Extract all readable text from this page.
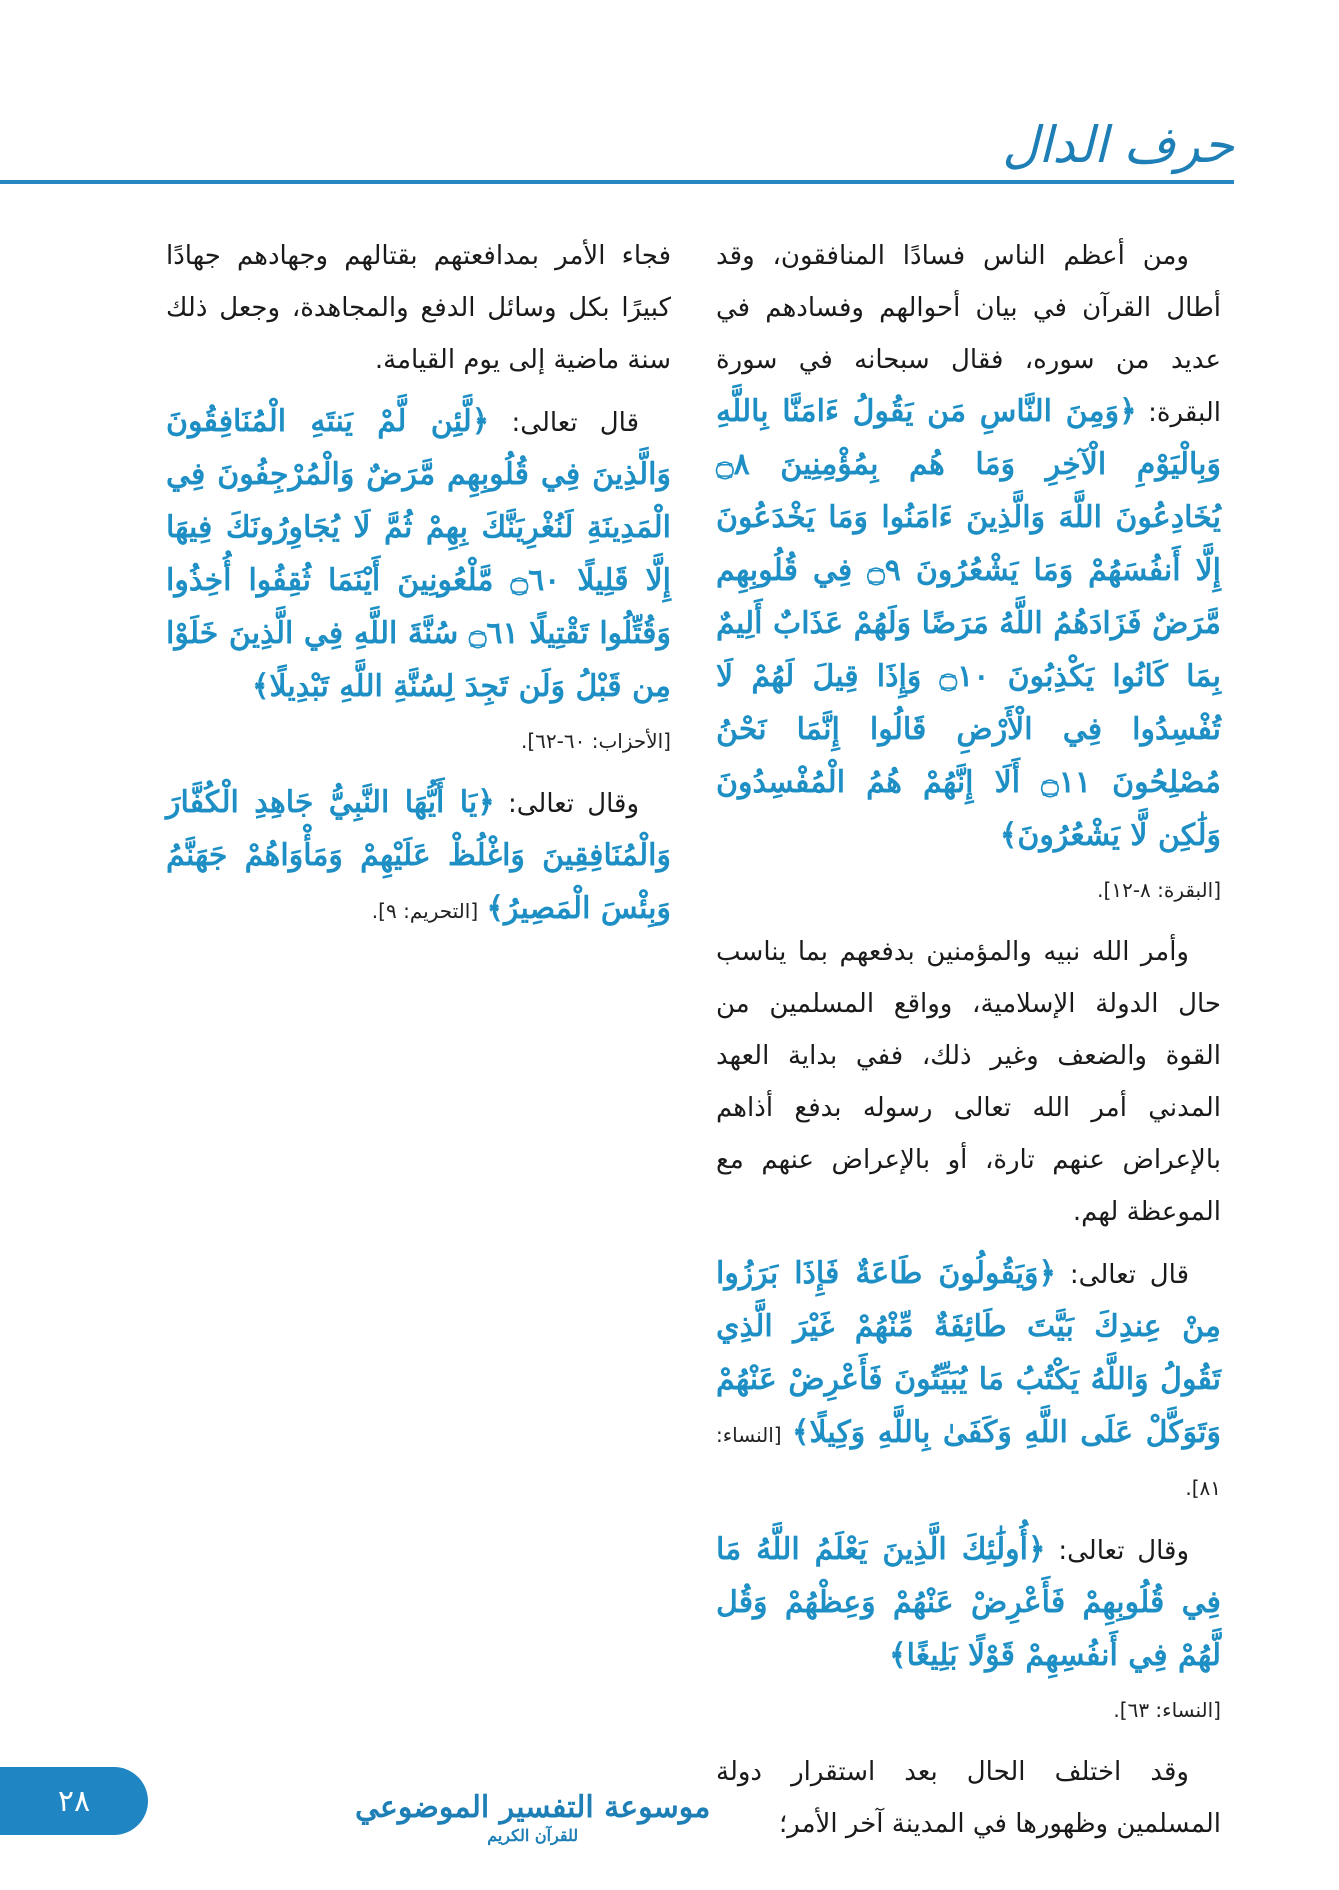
حرف الدال

ومن أعظم الناس فسادًا المنافقون، وقد أطال القرآن في بيان أحوالهم وفسادهم في عديد من سوره، فقال سبحانه في سورة البقرة: ﴿وَمِنَ النَّاسِ مَن يَقُولُ ءَامَنَّا بِاللَّهِ وَبِالْيَوْمِ الْآخِرِ وَمَا هُم بِمُؤْمِنِينَ ۝٨ يُخَادِعُونَ اللَّهَ وَالَّذِينَ ءَامَنُوا وَمَا يَخْدَعُونَ إِلَّا أَنفُسَهُمْ وَمَا يَشْعُرُونَ ۝٩ فِي قُلُوبِهِم مَّرَضٌ فَزَادَهُمُ اللَّهُ مَرَضًا وَلَهُمْ عَذَابٌ أَلِيمٌ بِمَا كَانُوا يَكْذِبُونَ ۝١٠ وَإِذَا قِيلَ لَهُمْ لَا تُفْسِدُوا فِي الْأَرْضِ قَالُوا إِنَّمَا نَحْنُ مُصْلِحُونَ ۝١١ أَلَا إِنَّهُمْ هُمُ الْمُفْسِدُونَ وَلَٰكِن لَّا يَشْعُرُونَ﴾

[البقرة: ٨-١٢].

وأمر الله نبيه والمؤمنين بدفعهم بما يناسب حال الدولة الإسلامية، وواقع المسلمين من القوة والضعف وغير ذلك، ففي بداية العهد المدني أمر الله تعالى رسوله بدفع أذاهم بالإعراض عنهم تارة، أو بالإعراض عنهم مع الموعظة لهم.

قال تعالى: ﴿وَيَقُولُونَ طَاعَةٌ فَإِذَا بَرَزُوا مِنْ عِندِكَ بَيَّتَ طَائِفَةٌ مِّنْهُمْ غَيْرَ الَّذِي تَقُولُ وَاللَّهُ يَكْتُبُ مَا يُبَيِّتُونَ فَأَعْرِضْ عَنْهُمْ وَتَوَكَّلْ عَلَى اللَّهِ وَكَفَىٰ بِاللَّهِ وَكِيلًا﴾ [النساء: ٨١].

وقال تعالى: ﴿أُولَٰئِكَ الَّذِينَ يَعْلَمُ اللَّهُ مَا فِي قُلُوبِهِمْ فَأَعْرِضْ عَنْهُمْ وَعِظْهُمْ وَقُل لَّهُمْ فِي أَنفُسِهِمْ قَوْلًا بَلِيغًا﴾

[النساء: ٦٣].

وقد اختلف الحال بعد استقرار دولة المسلمين وظهورها في المدينة آخر الأمر؛

فجاء الأمر بمدافعتهم بقتالهم وجهادهم جهادًا كبيرًا بكل وسائل الدفع والمجاهدة، وجعل ذلك سنة ماضية إلى يوم القيامة.

قال تعالى: ﴿لَّئِن لَّمْ يَنتَهِ الْمُنَافِقُونَ وَالَّذِينَ فِي قُلُوبِهِم مَّرَضٌ وَالْمُرْجِفُونَ فِي الْمَدِينَةِ لَنُغْرِيَنَّكَ بِهِمْ ثُمَّ لَا يُجَاوِرُونَكَ فِيهَا إِلَّا قَلِيلًا ۝٦٠ مَّلْعُونِينَ أَيْنَمَا ثُقِفُوا أُخِذُوا وَقُتِّلُوا تَقْتِيلًا ۝٦١ سُنَّةَ اللَّهِ فِي الَّذِينَ خَلَوْا مِن قَبْلُ وَلَن تَجِدَ لِسُنَّةِ اللَّهِ تَبْدِيلًا﴾

[الأحزاب: ٦٠-٦٢].

وقال تعالى: ﴿يَا أَيُّهَا النَّبِيُّ جَاهِدِ الْكُفَّارَ وَالْمُنَافِقِينَ وَاغْلُظْ عَلَيْهِمْ وَمَأْوَاهُمْ جَهَنَّمُ وَبِئْسَ الْمَصِيرُ﴾ [التحريم: ٩].

موسوعة التفسير الموضوعي
للقرآن الكريم
٢٨
